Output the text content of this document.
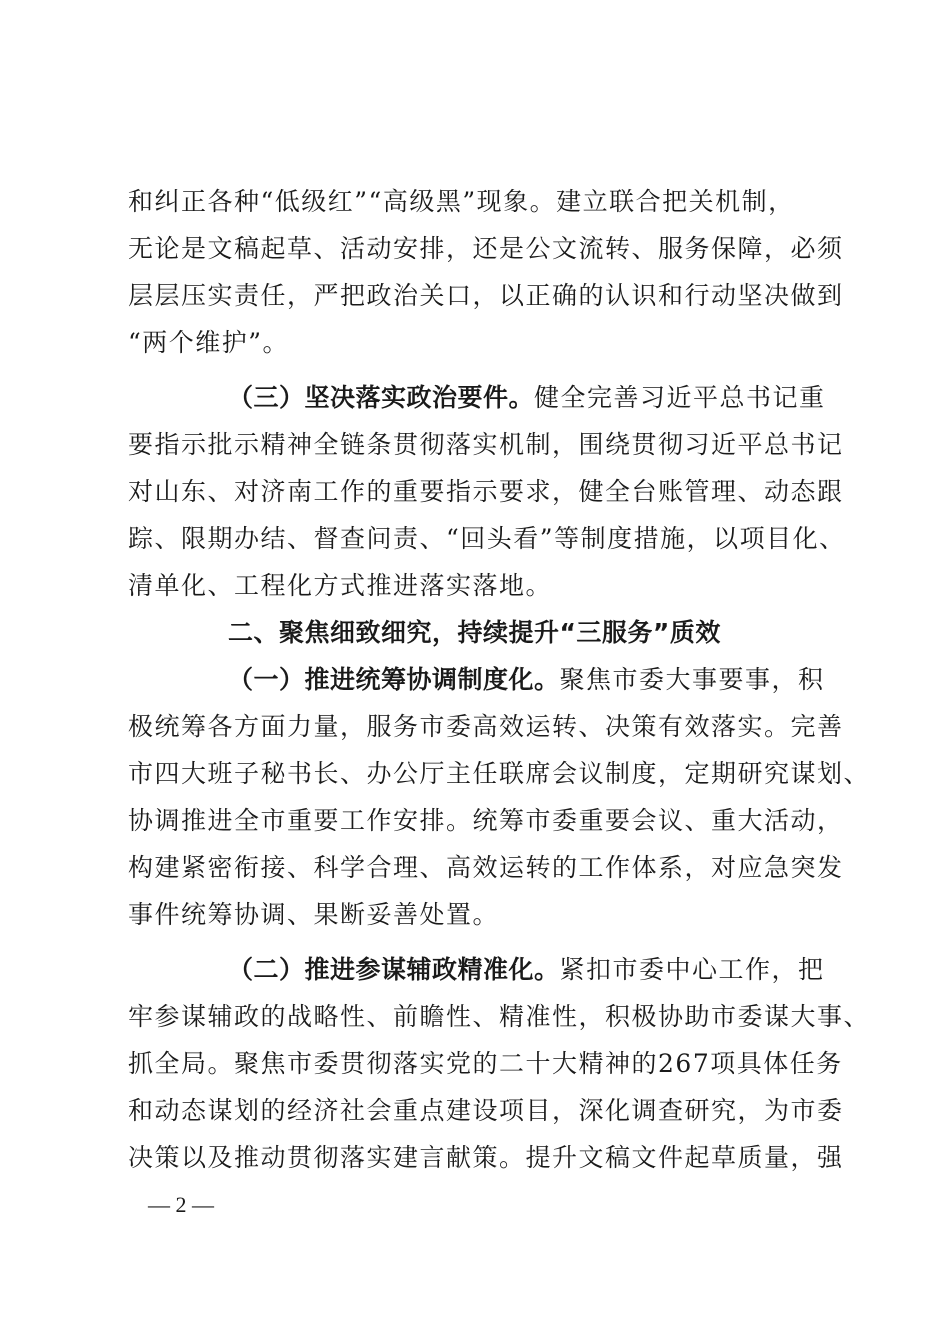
和纠正各种“低级红”“高级黑”现象。建立联合把关机制，
无论是文稿起草、活动安排，还是公文流转、服务保障，必须
层层压实责任，严把政治关口，以正确的认识和行动坚决做到
“两个维护”。
（三）坚决落实政治要件。健全完善习近平总书记重
要指示批示精神全链条贯彻落实机制，围绕贯彻习近平总书记
对山东、对济南工作的重要指示要求，健全台账管理、动态跟
踪、限期办结、督查问责、“回头看”等制度措施，以项目化、
清单化、工程化方式推进落实落地。
二、聚焦细致细究，持续提升“三服务”质效
（一）推进统筹协调制度化。聚焦市委大事要事，积
极统筹各方面力量，服务市委高效运转、决策有效落实。完善
市四大班子秘书长、办公厅主任联席会议制度，定期研究谋划、
协调推进全市重要工作安排。统筹市委重要会议、重大活动，
构建紧密衔接、科学合理、高效运转的工作体系，对应急突发
事件统筹协调、果断妥善处置。
（二）推进参谋辅政精准化。紧扣市委中心工作，把
牢参谋辅政的战略性、前瞻性、精准性，积极协助市委谋大事、
抓全局。聚焦市委贯彻落实党的二十大精神的267项具体任务
和动态谋划的经济社会重点建设项目，深化调查研究，为市委
决策以及推动贯彻落实建言献策。提升文稿文件起草质量，强
— 2 —
